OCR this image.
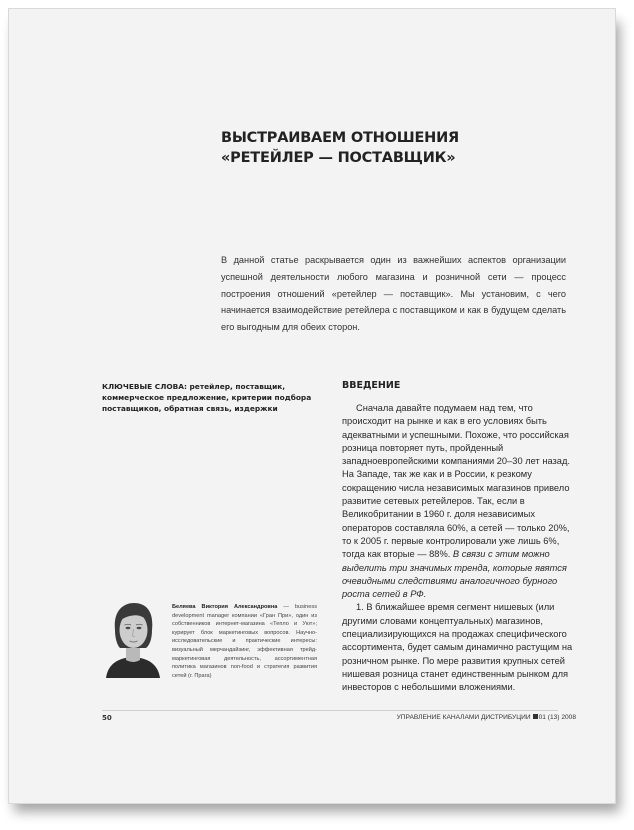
ВЫСТРАИВАЕМ ОТНОШЕНИЯ
«РЕТЕЙЛЕР — ПОСТАВЩИК»

В данной статье раскрывается один из важнейших аспектов организации успешной деятельности любого магазина и розничной сети — процесс построения отношений «ретейлер — поставщик». Мы установим, с чего начинается взаимодействие ретейлера с поставщиком и как в будущем сделать его выгодным для обеих сторон.

КЛЮЧЕВЫЕ СЛОВА: ретейлер, поставщик, коммерческое предложение, критерии подбора поставщиков, обратная связь, издержки

ВВЕДЕНИЕ

Сначала давайте подумаем над тем, что происходит на рынке и как в его условиях быть адекватными и успешными. Похоже, что российская розница повторяет путь, пройденный западноевропейскими компаниями 20–30 лет назад. На Западе, так же как и в России, к резкому сокращению числа независимых магазинов привело развитие сетевых ретейлеров. Так, если в Великобритании в 1960 г. доля независимых операторов составляла 60%, а сетей — только 20%, то к 2005 г. первые контролировали уже лишь 6%, тогда как вторые — 88%. В связи с этим можно выделить три значимых тренда, которые явятся очевидными следствиями аналогичного бурного роста сетей в РФ.

1. В ближайшее время сегмент нишевых (или другими словами концептуальных) магазинов, специализирующихся на продажах специфического ассортимента, будет самым динамично растущим на розничном рынке. По мере развития крупных сетей нишевая розница станет единственным рынком для инвесторов с небольшими вложениями.

Беляева Виктория Александровна — business development manager компании «Гран При», один из собственников интернет-магазина «Тепло и Уют»; курирует блок маркетинговых вопросов. Научно-исследовательские и практические интересы: визуальный мерчандайзинг, эффективная трейд-маркетинговая деятельность, ассортиментная политика магазинов non-food и стратегия развития сетей (г. Прага)

50	УПРАВЛЕНИЕ КАНАЛАМИ ДИСТРИБУЦИИ 01 (13) 2008
